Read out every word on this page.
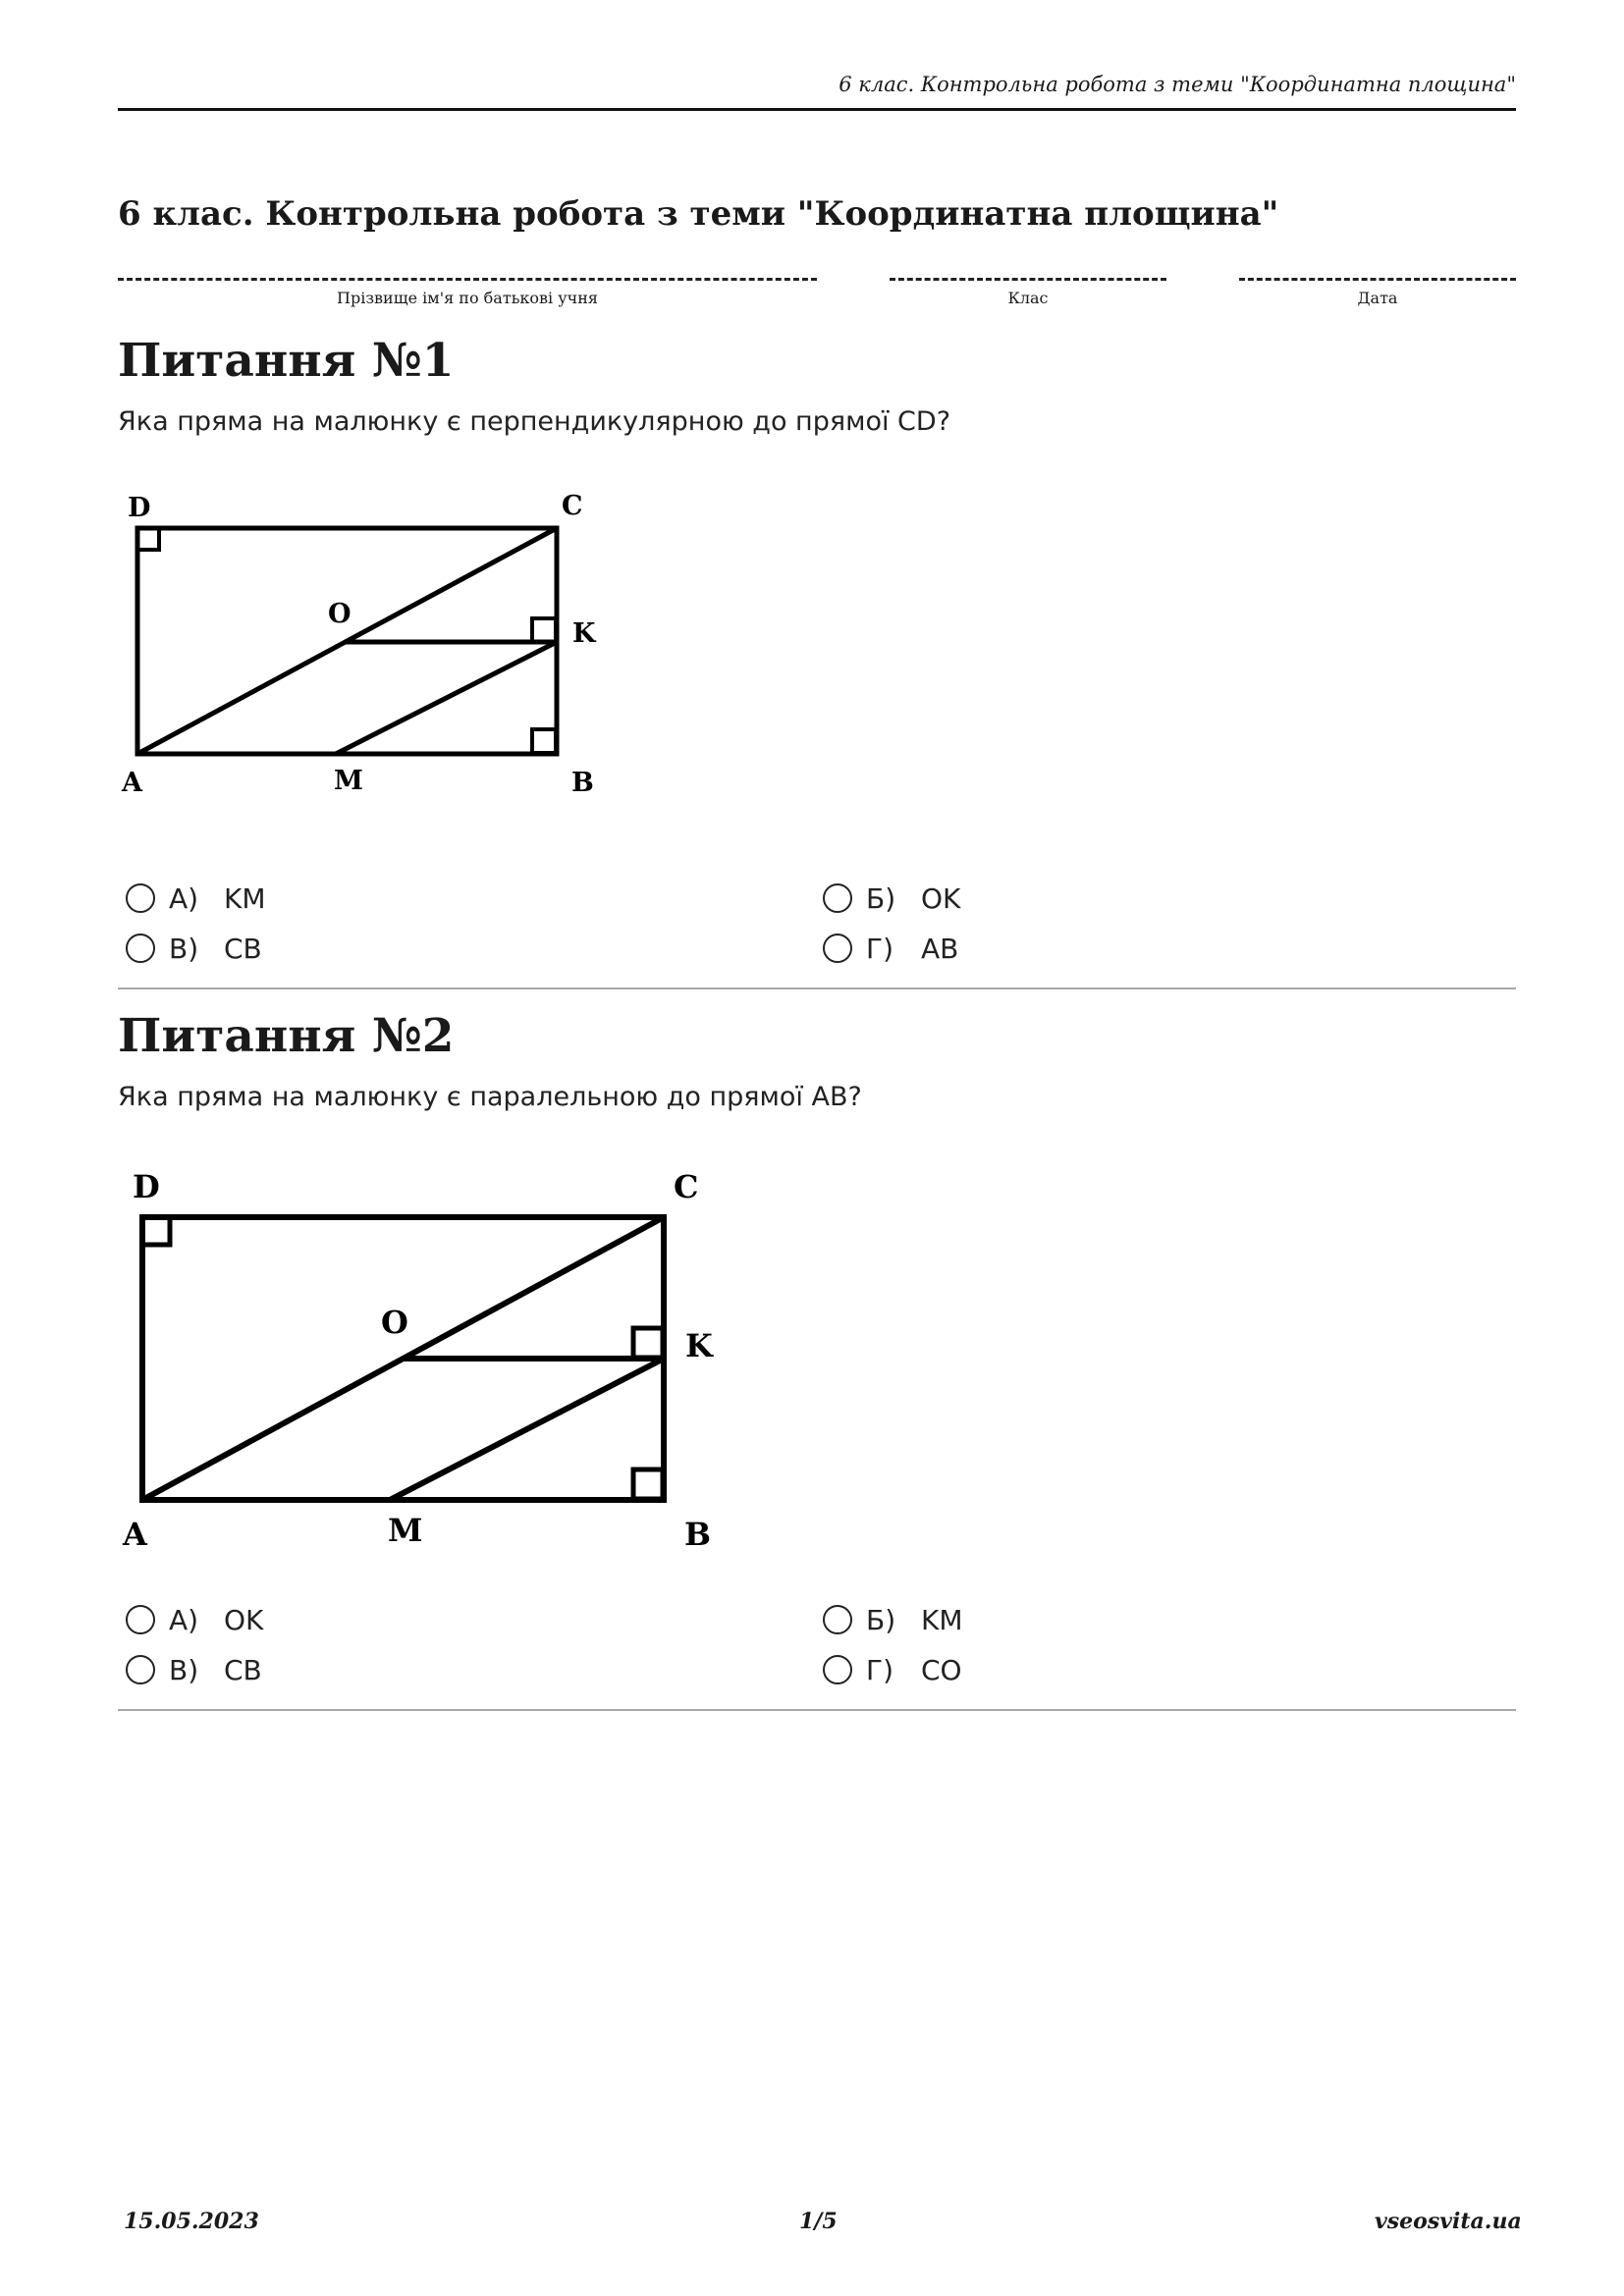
6 клас. Контрольна робота з теми "Координатна площина"
6 клас. Контрольна робота з теми "Координатна площина"
Прізвище ім'я по батькові учня	Клас	Дата
Питання №1

Яка пряма на малюнку є перпендикулярною до прямої CD?

D	C
O
K
A	M	B
А) KM	Б) OK
В) CB	Г)	AB
Питання №2

Яка пряма на малюнку є паралельною до прямої AB?

D	C
O
K
A	M	B
А) OK	Б) KM
В) CB	Г)	CO
15.05.2023	1/5	vseosvita.ua
